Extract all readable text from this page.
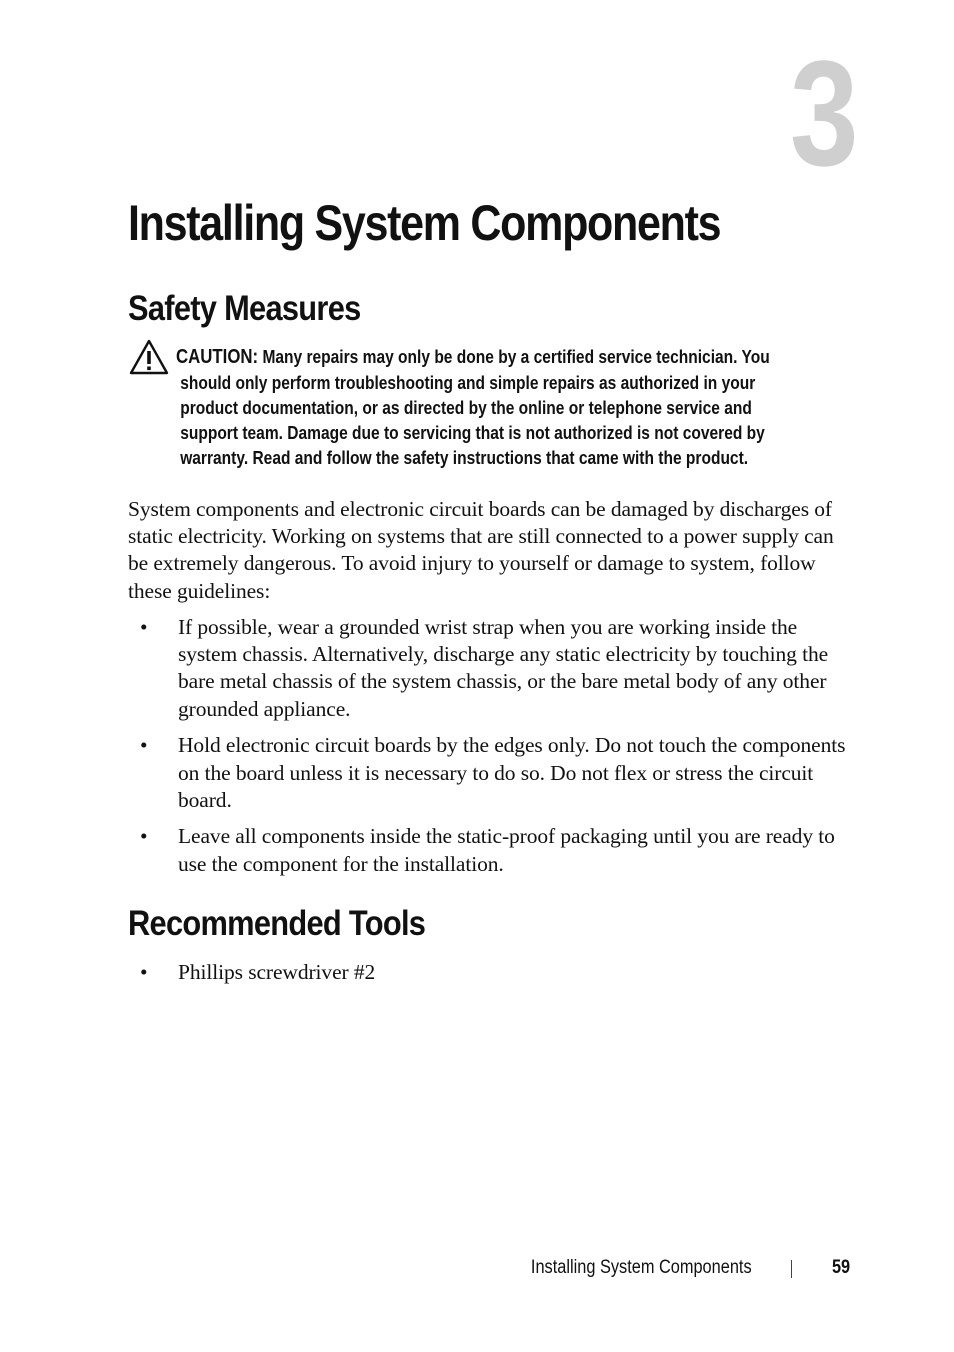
3
Installing System Components
Safety Measures
CAUTION: Many repairs may only be done by a certified service technician. You
should only perform troubleshooting and simple repairs as authorized in your
product documentation, or as directed by the online or telephone service and
support team. Damage due to servicing that is not authorized is not covered by
warranty. Read and follow the safety instructions that came with the product.

System components and electronic circuit boards can be damaged by discharges of static electricity. Working on systems that are still connected to a power supply can be extremely dangerous. To avoid injury to yourself or damage to system, follow these guidelines:

• If possible, wear a grounded wrist strap when you are working inside the system chassis. Alternatively, discharge any static electricity by touching the bare metal chassis of the system chassis, or the bare metal body of any other grounded appliance.
• Hold electronic circuit boards by the edges only. Do not touch the components on the board unless it is necessary to do so. Do not flex or stress the circuit board.
• Leave all components inside the static-proof packaging until you are ready to use the component for the installation.
Recommended Tools
• Phillips screwdriver #2
Installing System Components	59
